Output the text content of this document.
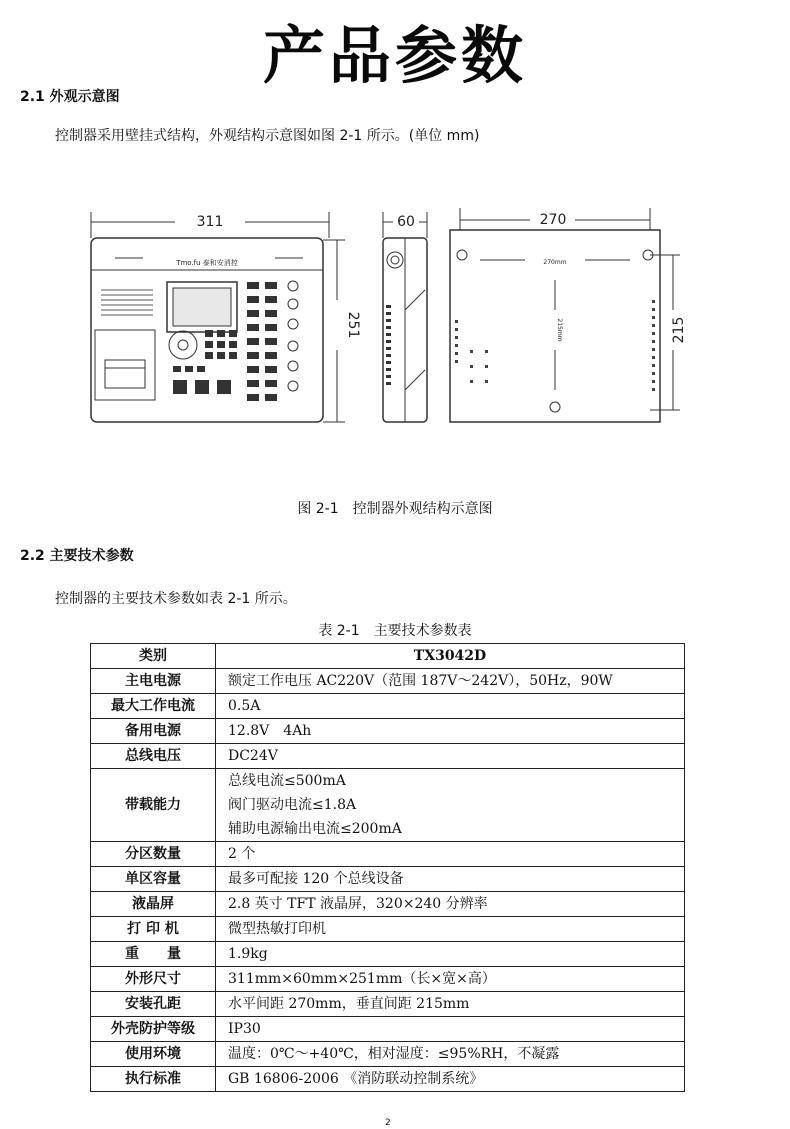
产品参数
2.1 外观示意图
控制器采用壁挂式结构，外观结构示意图如图 2-1 所示。(单位 mm)
311
251
60	270
215
270mm
215mm
Tmo.fu 泰和安消控
图 2-1　控制器外观结构示意图
2.2 主要技术参数
控制器的主要技术参数如表 2-1 所示。
表 2-1　主要技术参数表
类别	TX3042D
主电电源	额定工作电压 AC220V（范围 187V～242V），50Hz，90W
最大工作电流	0.5A
备用电源	12.8V　4Ah
总线电压	DC24V
带载能力	总线电流≤500mA
阀门驱动电流≤1.8A
辅助电源输出电流≤200mA

分区数量	2 个
单区容量	最多可配接 120 个总线设备
液晶屏	2.8 英寸 TFT 液晶屏，320×240 分辨率
打 印 机	微型热敏打印机
重　　量	1.9kg
外形尺寸	311mm×60mm×251mm（长×宽×高）
安装孔距	水平间距 270mm，垂直间距 215mm
外壳防护等级	IP30
使用环境	温度：0℃～+40℃，相对湿度：≤95%RH，不凝露
执行标准	GB 16806-2006 《消防联动控制系统》
2
